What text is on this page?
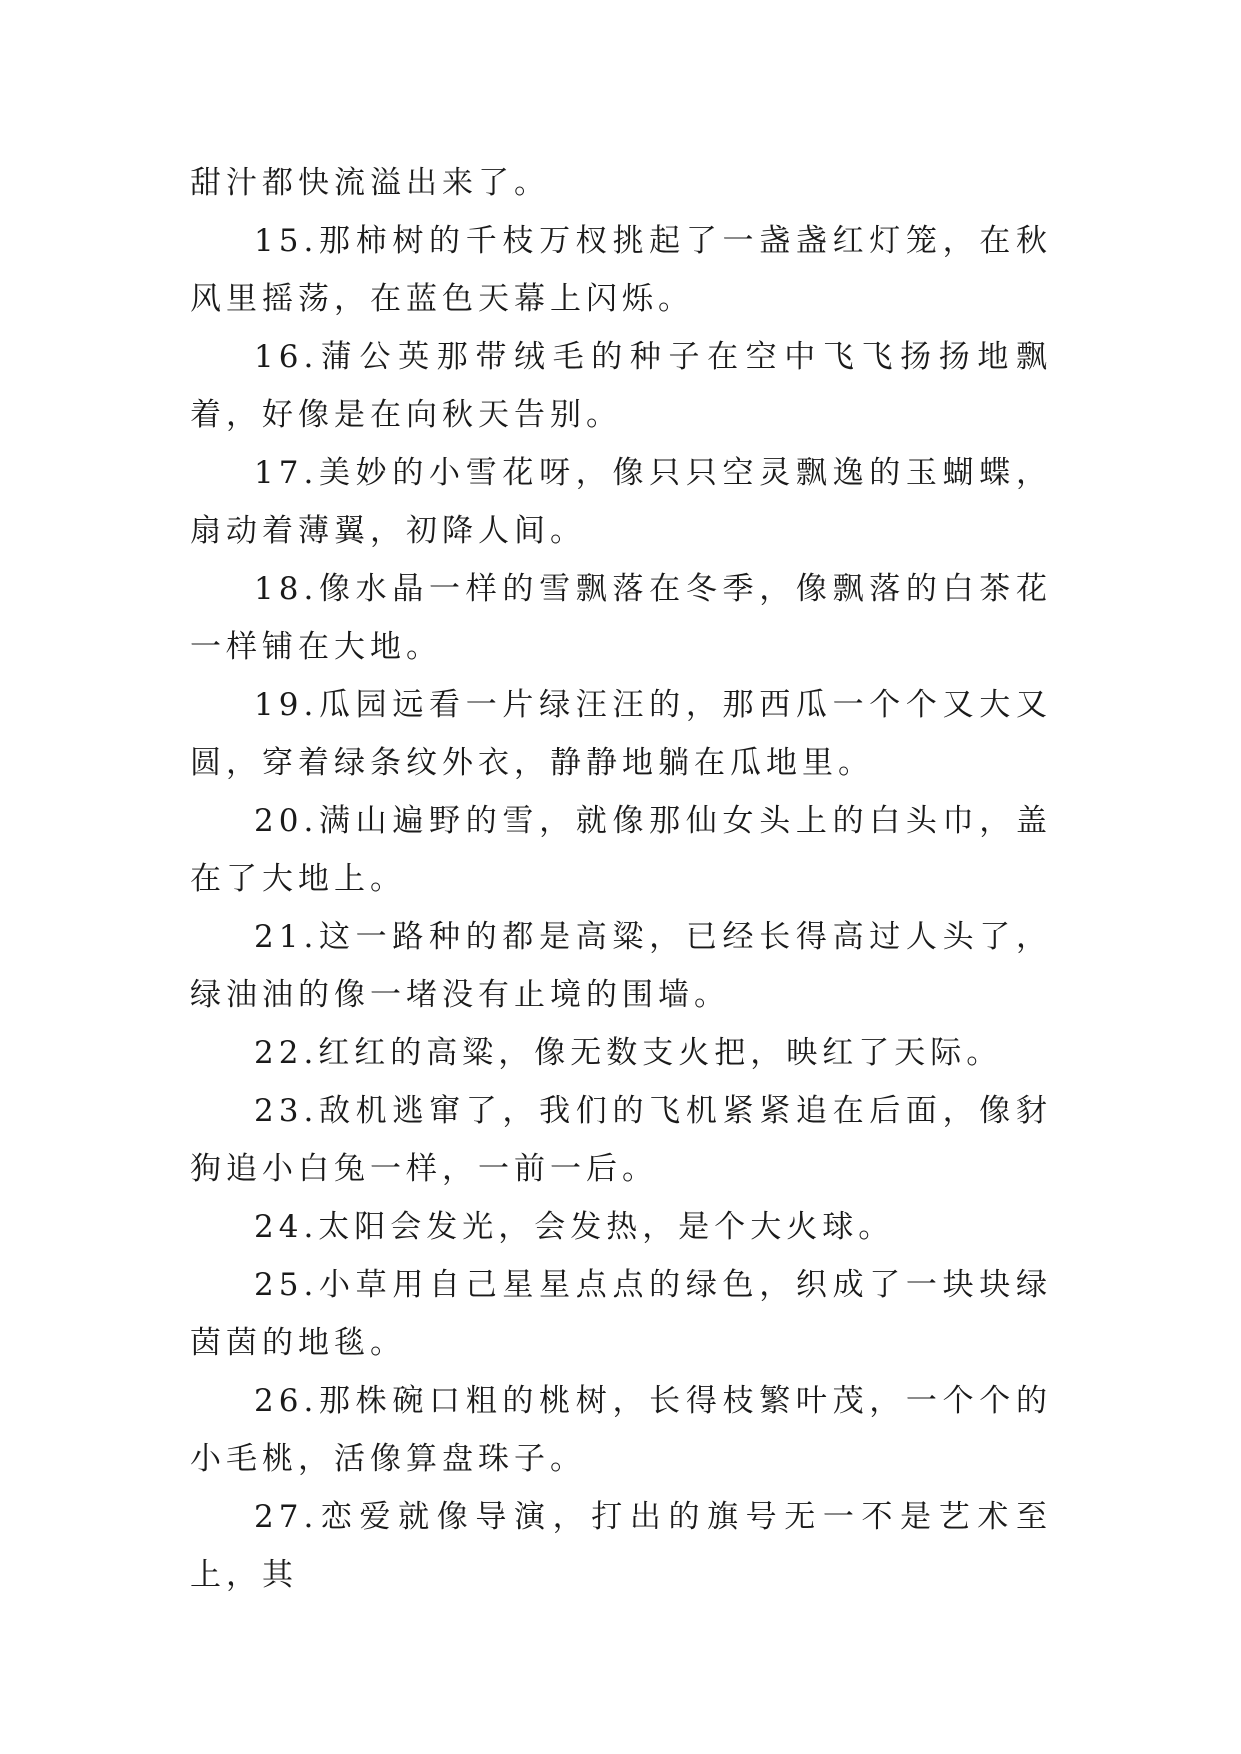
甜汁都快流溢出来了。

15.那柿树的千枝万杈挑起了一盏盏红灯笼，在秋风里摇荡，在蓝色天幕上闪烁。

16.蒲公英那带绒毛的种子在空中飞飞扬扬地飘着，好像是在向秋天告别。

17.美妙的小雪花呀，像只只空灵飘逸的玉蝴蝶，扇动着薄翼，初降人间。

18.像水晶一样的雪飘落在冬季，像飘落的白茶花一样铺在大地。

19.瓜园远看一片绿汪汪的，那西瓜一个个又大又圆，穿着绿条纹外衣，静静地躺在瓜地里。

20.满山遍野的雪，就像那仙女头上的白头巾，盖在了大地上。

21.这一路种的都是高粱，已经长得高过人头了，绿油油的像一堵没有止境的围墙。

22.红红的高粱，像无数支火把，映红了天际。

23.敌机逃窜了，我们的飞机紧紧追在后面，像豺狗追小白兔一样，一前一后。

24.太阳会发光，会发热，是个大火球。

25.小草用自己星星点点的绿色，织成了一块块绿茵茵的地毯。

26.那株碗口粗的桃树，长得枝繁叶茂，一个个的小毛桃，活像算盘珠子。

27.恋爱就像导演，打出的旗号无一不是艺术至上，其
